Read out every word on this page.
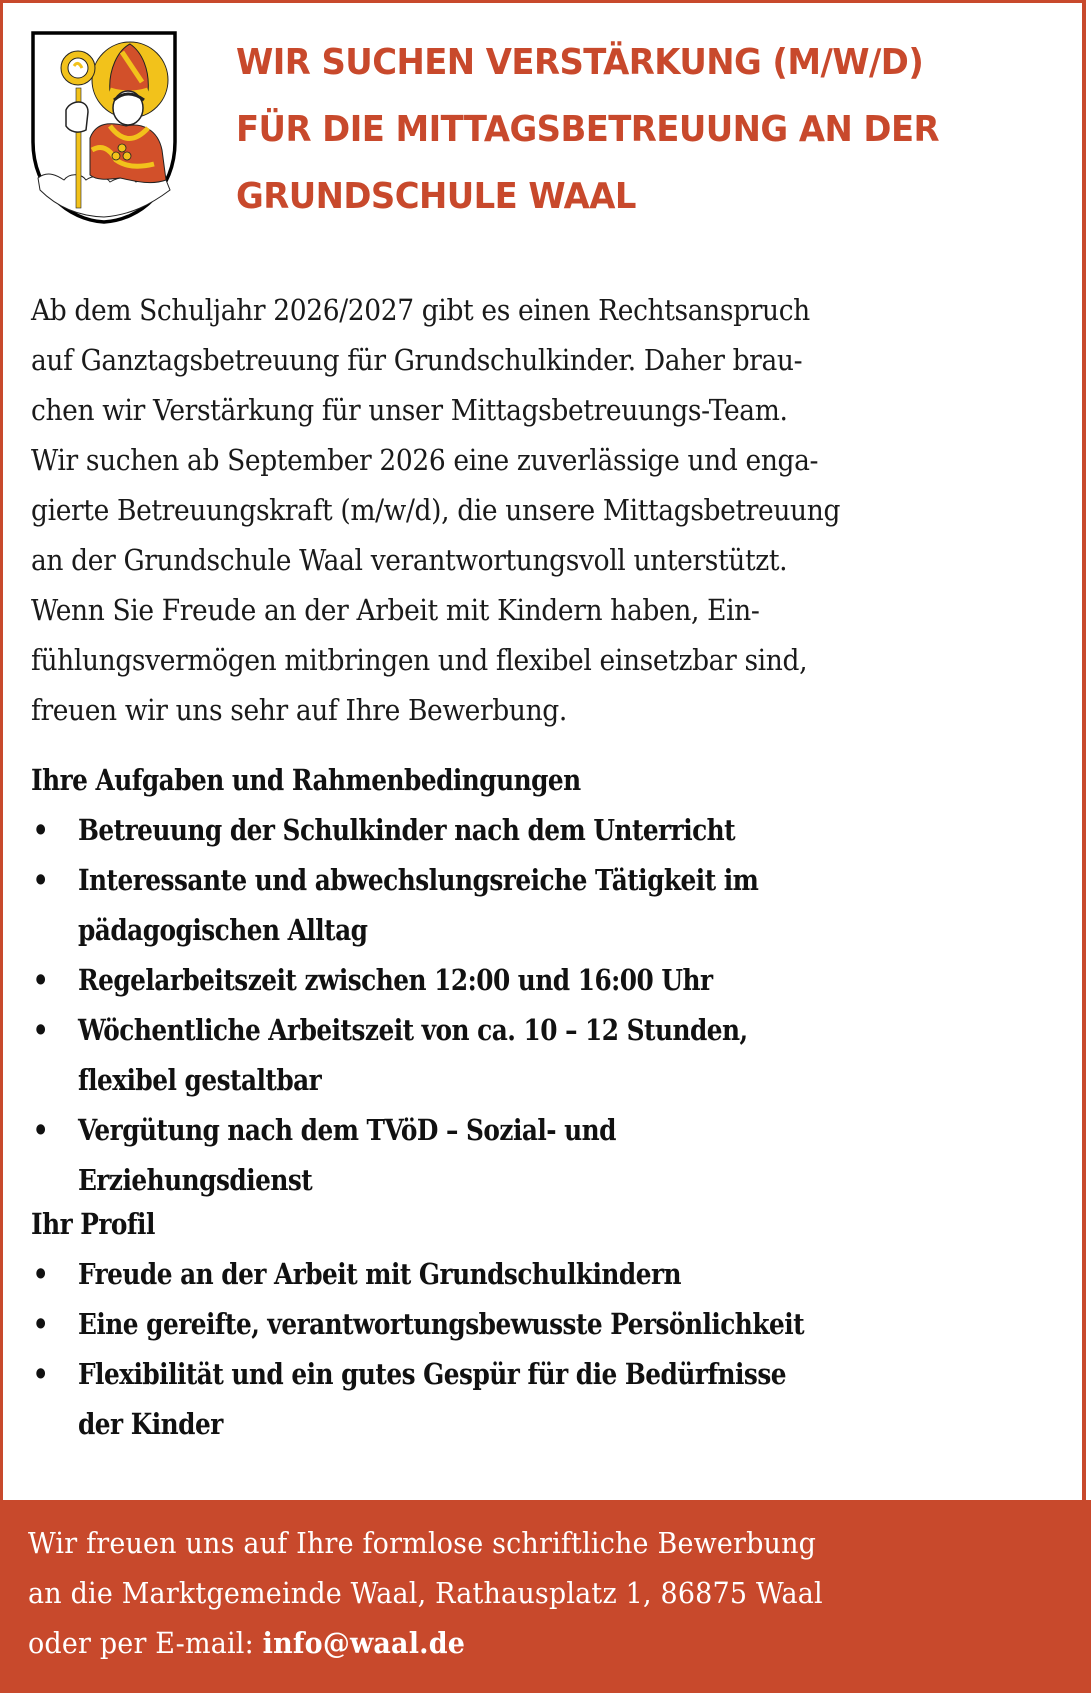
WIR SUCHEN VERSTÄRKUNG (M/W/D)
FÜR DIE MITTAGSBETREUUNG AN DER
GRUNDSCHULE WAAL
Ab dem Schuljahr 2026/2027 gibt es einen Rechtsanspruch
auf Ganztagsbetreuung für Grundschulkinder. Daher brau-
chen wir Verstärkung für unser Mittagsbetreuungs-Team.
Wir suchen ab September 2026 eine zuverlässige und enga-
gierte Betreuungskraft (m/w/d), die unsere Mittagsbetreuung
an der Grundschule Waal verantwortungsvoll unterstützt.
Wenn Sie Freude an der Arbeit mit Kindern haben, Ein-
fühlungsvermögen mitbringen und flexibel einsetzbar sind,
freuen wir uns sehr auf Ihre Bewerbung.
Ihre Aufgaben und Rahmenbedingungen
• Betreuung der Schulkinder nach dem Unterricht
• Interessante und abwechslungsreiche Tätigkeit im
pädagogischen Alltag
• Regelarbeitszeit zwischen 12:00 und 16:00 Uhr
• Wöchentliche Arbeitszeit von ca. 10 – 12 Stunden,
flexibel gestaltbar
• Vergütung nach dem TVöD – Sozial- und
Erziehungsdienst
Ihr Profil
• Freude an der Arbeit mit Grundschulkindern
• Eine gereifte, verantwortungsbewusste Persönlichkeit
• Flexibilität und ein gutes Gespür für die Bedürfnisse
der Kinder
Wir freuen uns auf Ihre formlose schriftliche Bewerbung
an die Marktgemeinde Waal, Rathausplatz 1, 86875 Waal
oder per E-mail: info@waal.de
